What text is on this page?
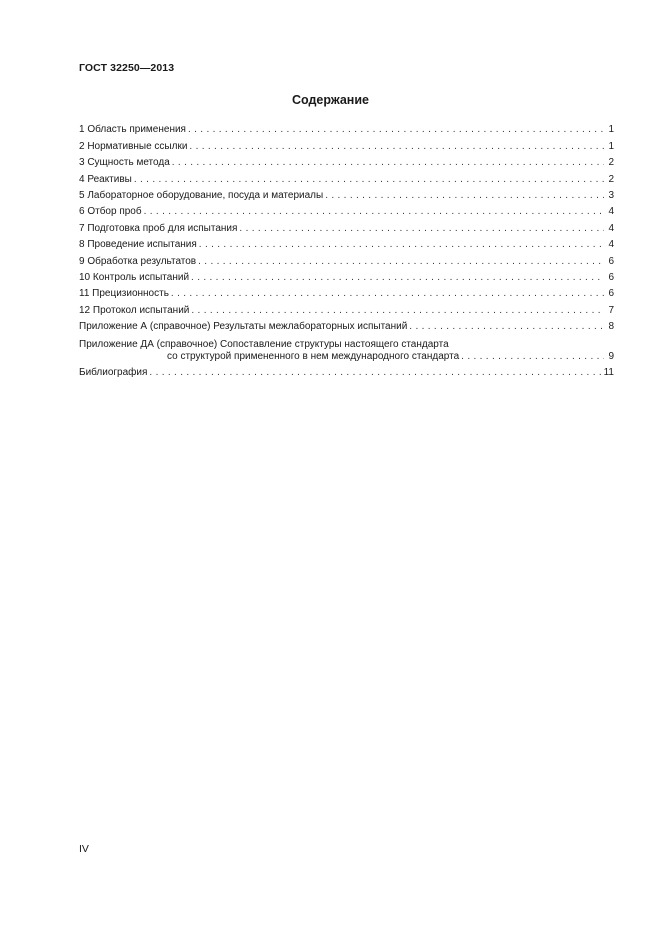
ГОСТ 32250—2013
Содержание
1 Область применения . . .	1
2 Нормативные ссылки . . .	1
3 Сущность метода . . .	2
4 Реактивы . . .	2
5 Лабораторное оборудование, посуда и материалы . . .	3
6 Отбор проб . . .	4
7 Подготовка проб для испытания . . .	4
8 Проведение испытания . . .	4
9 Обработка результатов . . .	6
10 Контроль испытаний . . .	6
11 Прецизионность . . .	6
12 Протокол испытаний . . .	7
Приложение А (справочное) Результаты межлабораторных испытаний . . .	8
Приложение ДА (справочное) Сопоставление структуры настоящего стандарта
со структурой примененного в нем международного стандарта . . .	9
Библиография . . .	11
IV
